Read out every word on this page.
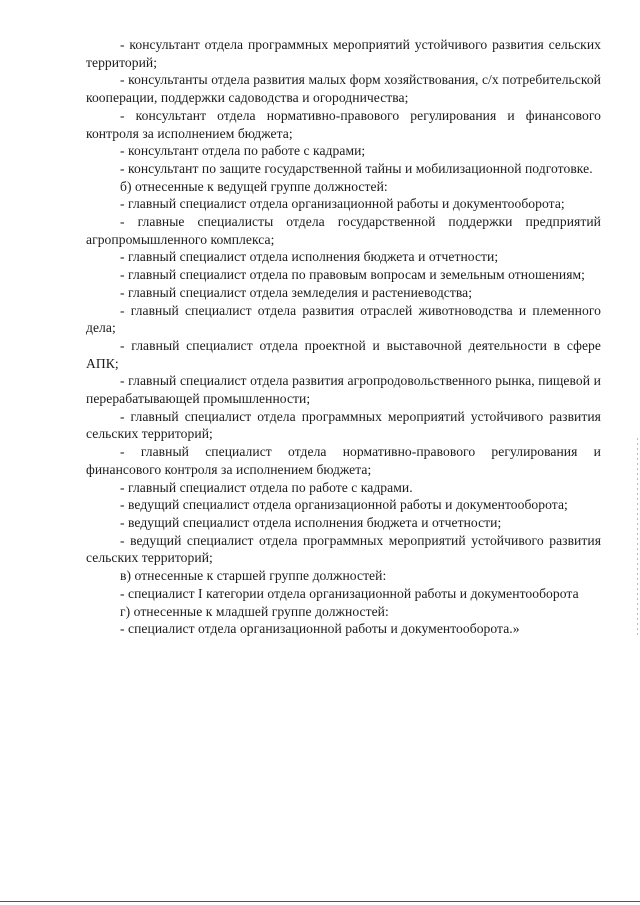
- консультант отдела программных мероприятий устойчивого развития сельских территорий;

- консультанты отдела развития малых форм хозяйствования, с/х потребительской кооперации, поддержки садоводства и огородничества;

- консультант отдела нормативно-правового регулирования и финансового контроля за исполнением бюджета;

- консультант отдела по работе с кадрами;

- консультант по защите государственной тайны и мобилизационной подготовке.

б) отнесенные к ведущей группе должностей:

- главный специалист отдела организационной работы и документооборота;

- главные специалисты отдела государственной поддержки предприятий агропромышленного комплекса;

- главный специалист отдела исполнения бюджета и отчетности;

- главный специалист отдела по правовым вопросам и земельным отношениям;

- главный специалист отдела земледелия и растениеводства;

- главный специалист отдела развития отраслей животноводства и племенного дела;

- главный специалист отдела проектной и выставочной деятельности в сфере АПК;

- главный специалист отдела развития агропродовольственного рынка, пищевой и перерабатывающей промышленности;

- главный специалист отдела программных мероприятий устойчивого развития сельских территорий;

- главный специалист отдела нормативно-правового регулирования и финансового контроля за исполнением бюджета;

- главный специалист отдела по работе с кадрами.

- ведущий специалист отдела организационной работы и документооборота;

- ведущий специалист отдела исполнения бюджета и отчетности;

- ведущий специалист отдела программных мероприятий устойчивого развития сельских территорий;

в) отнесенные к старшей группе должностей:

- специалист I категории отдела организационной работы и документооборота

г) отнесенные к младшей группе должностей:

- специалист отдела организационной работы и документооборота.»
